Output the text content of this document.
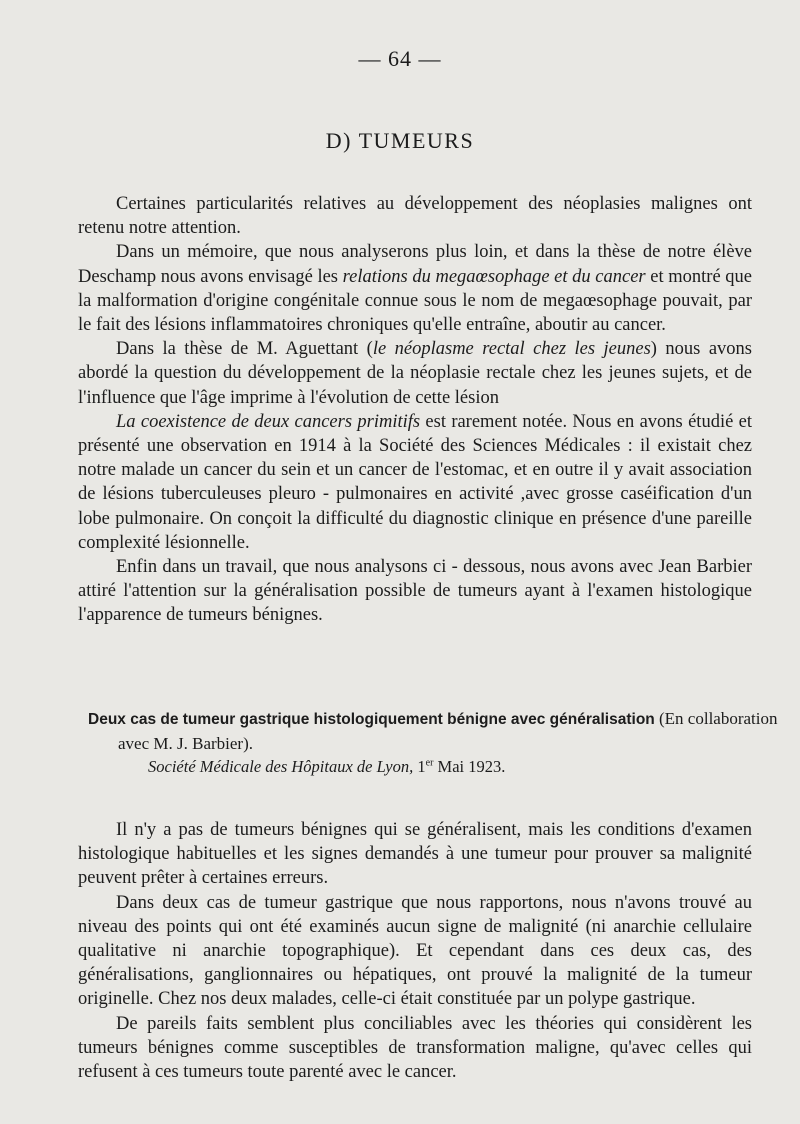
— 64 —
D) TUMEURS

Certaines particularités relatives au développement des néoplasies malignes ont retenu notre attention.

Dans un mémoire, que nous analyserons plus loin, et dans la thèse de notre élève Deschamp nous avons envisagé les relations du megaœsophage et du cancer et montré que la malformation d'origine congénitale connue sous le nom de megaœsophage pouvait, par le fait des lésions inflammatoires chroniques qu'elle entraîne, aboutir au cancer.

Dans la thèse de M. Aguettant (le néoplasme rectal chez les jeunes) nous avons abordé la question du développement de la néoplasie rectale chez les jeunes sujets, et de l'influence que l'âge imprime à l'évolution de cette lésion

La coexistence de deux cancers primitifs est rarement notée. Nous en avons étudié et présenté une observation en 1914 à la Société des Sciences Médicales : il existait chez notre malade un cancer du sein et un cancer de l'estomac, et en outre il y avait association de lésions tuberculeuses pleuro - pulmonaires en activité ,avec grosse caséification d'un lobe pulmonaire. On conçoit la difficulté du diagnostic clinique en présence d'une pareille complexité lésionnelle.

Enfin dans un travail, que nous analysons ci - dessous, nous avons avec Jean Barbier attiré l'attention sur la généralisation possible de tumeurs ayant à l'examen histologique l'apparence de tumeurs bénignes.

Deux cas de tumeur gastrique histologiquement bénigne avec généralisation (En collaboration avec M. J. Barbier).
Société Médicale des Hôpitaux de Lyon, 1er Mai 1923.

Il n'y a pas de tumeurs bénignes qui se généralisent, mais les conditions d'examen histologique habituelles et les signes demandés à une tumeur pour prouver sa malignité peuvent prêter à certaines erreurs.

Dans deux cas de tumeur gastrique que nous rapportons, nous n'avons trouvé au niveau des points qui ont été examinés aucun signe de malignité (ni anarchie cellulaire qualitative ni anarchie topographique). Et cependant dans ces deux cas, des généralisations, ganglionnaires ou hépatiques, ont prouvé la malignité de la tumeur originelle. Chez nos deux malades, celle-ci était constituée par un polype gastrique.

De pareils faits semblent plus conciliables avec les théories qui considèrent les tumeurs bénignes comme susceptibles de transformation maligne, qu'avec celles qui refusent à ces tumeurs toute parenté avec le cancer.
